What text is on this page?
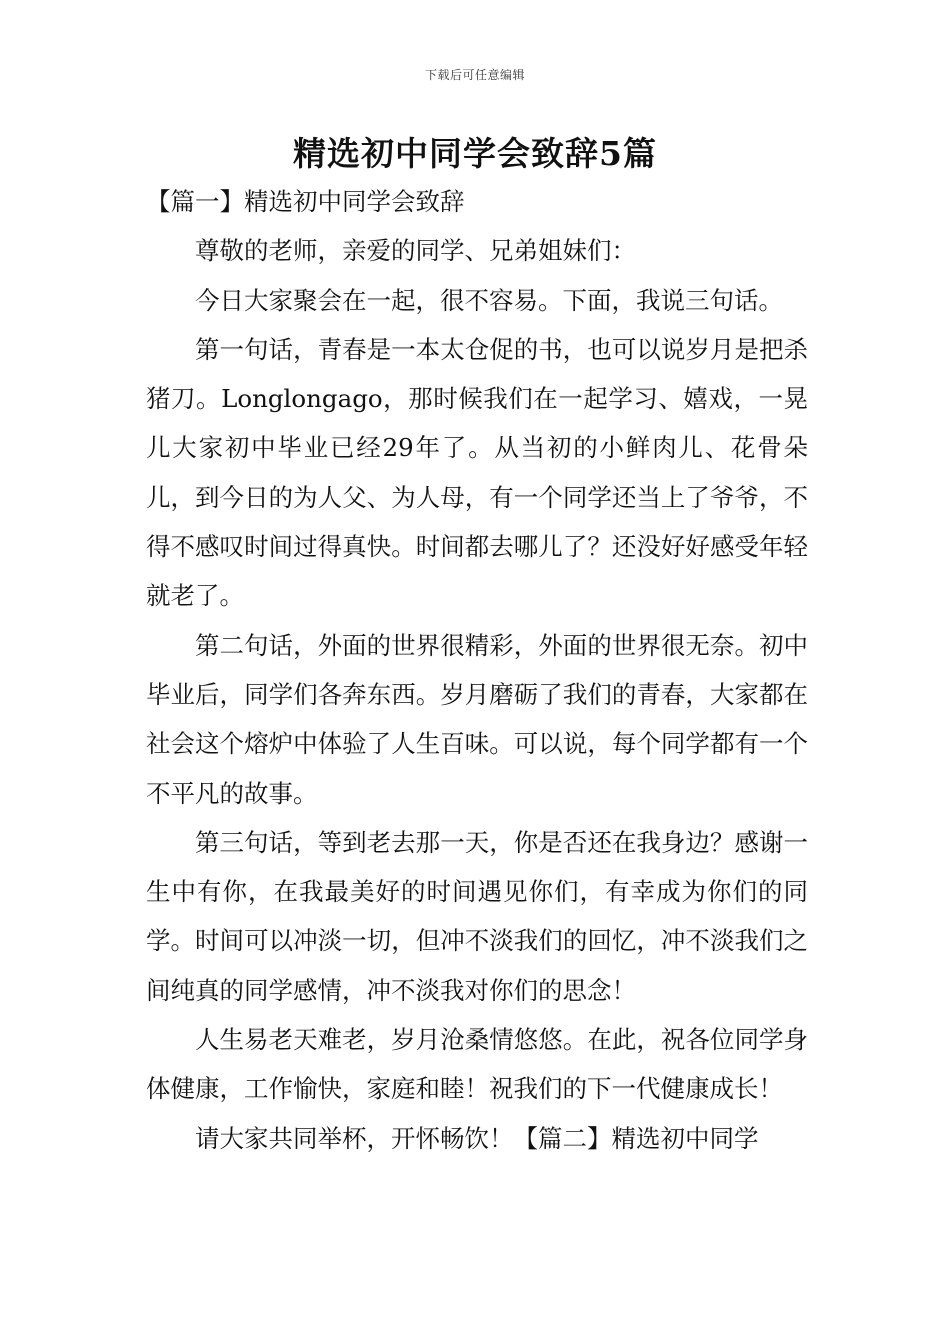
下载后可任意编辑
精选初中同学会致辞5篇
【篇一】精选初中同学会致辞

尊敬的老师，亲爱的同学、兄弟姐妹们：

今日大家聚会在一起，很不容易。下面，我说三句话。

第一句话，青春是一本太仓促的书，也可以说岁月是把杀猪刀。Longlongago，那时候我们在一起学习、嬉戏，一晃儿大家初中毕业已经29年了。从当初的小鲜肉儿、花骨朵儿，到今日的为人父、为人母，有一个同学还当上了爷爷，不得不感叹时间过得真快。时间都去哪儿了？还没好好感受年轻就老了。

第二句话，外面的世界很精彩，外面的世界很无奈。初中毕业后，同学们各奔东西。岁月磨砺了我们的青春，大家都在社会这个熔炉中体验了人生百味。可以说，每个同学都有一个不平凡的故事。

第三句话，等到老去那一天，你是否还在我身边？感谢一生中有你，在我最美好的时间遇见你们，有幸成为你们的同学。时间可以冲淡一切，但冲不淡我们的回忆，冲不淡我们之间纯真的同学感情，冲不淡我对你们的思念！

人生易老天难老，岁月沧桑情悠悠。在此，祝各位同学身体健康，工作愉快，家庭和睦！祝我们的下一代健康成长！

请大家共同举杯，开怀畅饮！【篇二】精选初中同学
